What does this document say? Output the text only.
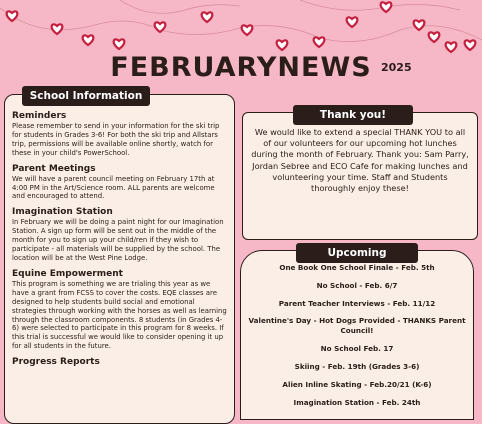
FEBRUARYNEWS 2025
Reminders

Please remember to send in your information for the ski trip for students in Grades 3-6! For both the ski trip and Allstars trip, permissions will be available online shortly, watch for these in your child's PowerSchool.

Parent Meetings

We will have a parent council meeting on February 17th at 4:00 PM in the Art/Science room. ALL parents are welcome and encouraged to attend.

Imagination Station

In February we will be doing a paint night for our Imagination Station. A sign up form will be sent out in the middle of the month for you to sign up your child/ren if they wish to participate - all materials will be supplied by the school. The location will be at the West Pine Lodge.

Equine Empowerment

This program is something we are trialing this year as we have a grant from FCSS to cover the costs. EQE classes are designed to help students build social and emotional strategies through working with the horses as well as learning through the classroom components. 8 students (in Grades 4-6) were selected to participate in this program for 8 weeks. If this trial is successful we would like to consider opening it up for all students in the future.

Progress Reports

School Information
We would like to extend a special THANK YOU to all of our volunteers for our upcoming hot lunches during the month of February. Thank you: Sam Parry, Jordan Sebree and ECO Cafe for making lunches and volunteering your time. Staff and Students thoroughly enjoy these!
Thank you!
One Book One School Finale - Feb. 5th
No School - Feb. 6/7
Parent Teacher Interviews - Feb. 11/12
Valentine's Day - Hot Dogs Provided - THANKS Parent Council!
No School Feb. 17
Skiing - Feb. 19th (Grades 3-6)
Alien Inline Skating - Feb.20/21 (K-6)
Imagination Station - Feb. 24th
Upcoming
